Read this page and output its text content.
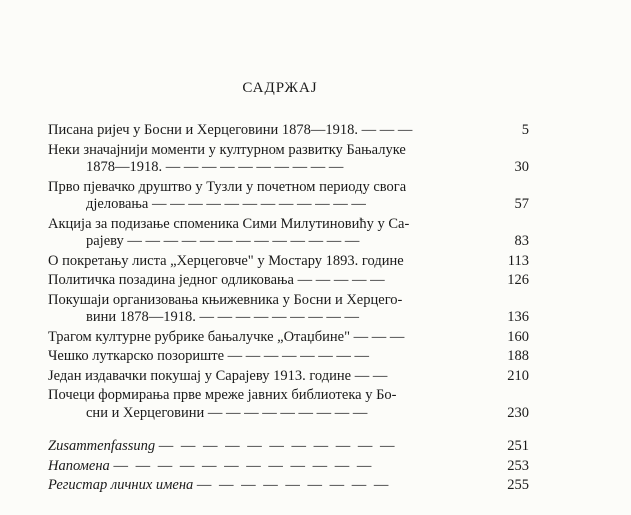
САДРЖАЈ
Писана ријеч у Босни и Херцеговини 1878—1918. — — —	5
Неки значајнији моменти у културном развитку Бањалуке
1878—1918. — — — — — — — — — —	30
Прво пјевачко друштво у Тузли у почетном периоду свога
дјеловања — — — — — — — — — — — —	57
Акција за подизање споменика Сими Милутиновићу у Са-
рајеву — — — — — — — — — — — — —	83
О покретању листа „Херцеговче" у Мостару 1893. године	113
Политичка позадина једног одликовања — — — — —	126
Покушаји организовања књижевника у Босни и Херцего-
вини 1878—1918. — — — — — — — — —	136
Трагом културне рубрике бањалучке „Отаџбине" — — —	160
Чешко луткарско позориште — — — — — — — —	188
Један издавачки покушај у Сарајеву 1913. године — —	210
Почеци формирања прве мреже јавних библиотека у Бо-
сни и Херцеговини — — — — — — — — —	230
Zusammenfassung — — — — — — — — — — —	251
Напомена — — — — — — — — — — — —	253
Регистар личних имена — — — — — — — — —	255
